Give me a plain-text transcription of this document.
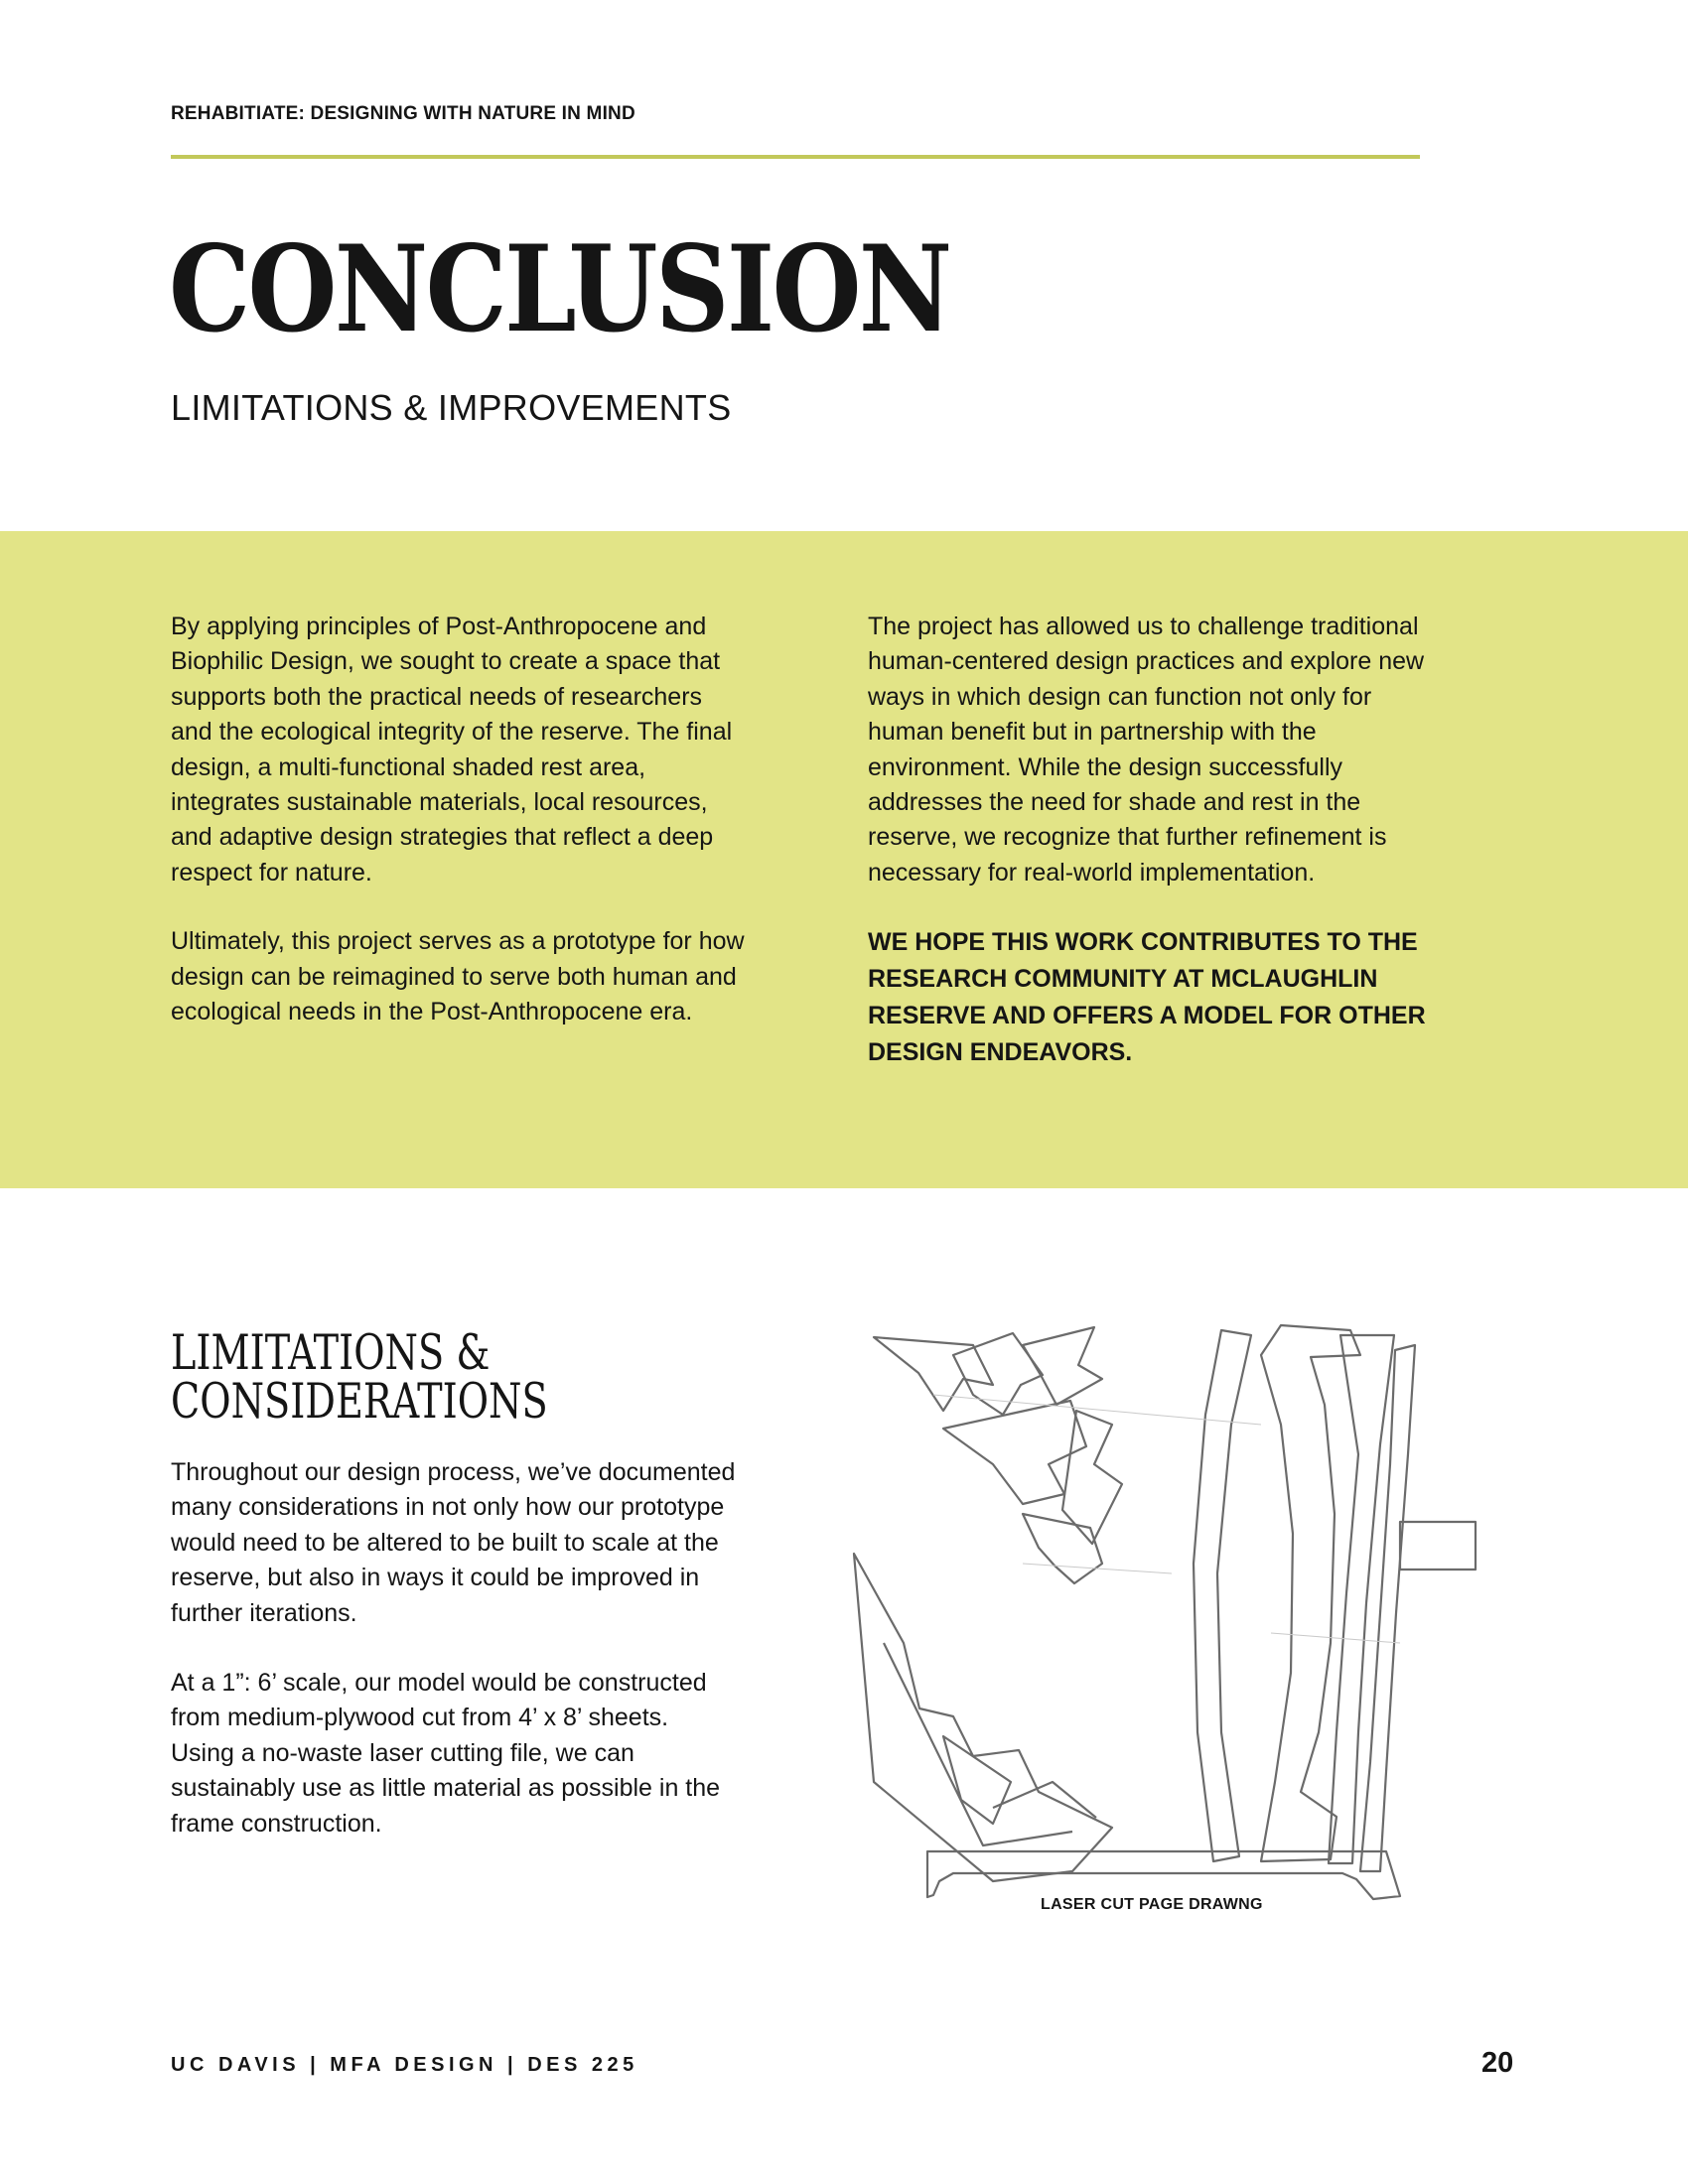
REHABITIATE: DESIGNING WITH NATURE IN MIND
CONCLUSION
LIMITATIONS & IMPROVEMENTS

By applying principles of Post-Anthropocene and Biophilic Design, we sought to create a space that supports both the practical needs of researchers and the ecological integrity of the reserve. The final design, a multi-functional shaded rest area, integrates sustainable materials, local resources, and adaptive design strategies that reflect a deep respect for nature.

Ultimately, this project serves as a prototype for how design can be reimagined to serve both human and ecological needs in the Post-Anthropocene era.

The project has allowed us to challenge traditional human-centered design practices and explore new ways in which design can function not only for human benefit but in partnership with the environment. While the design successfully addresses the need for shade and rest in the reserve, we recognize that further refinement is necessary for real-world implementation.

WE HOPE THIS WORK CONTRIBUTES TO THE RESEARCH COMMUNITY AT MCLAUGHLIN RESERVE AND OFFERS A MODEL FOR OTHER DESIGN ENDEAVORS.

LIMITATIONS &
CONSIDERATIONS

Throughout our design process, we’ve documented many considerations in not only how our prototype would need to be altered to be built to scale at the reserve, but also in ways it could be improved in further iterations.

At a 1”: 6’ scale, our model would be constructed from medium-plywood cut from 4’ x 8’ sheets. Using a no-waste laser cutting file, we can sustainably use as little material as possible in the frame construction.

LASER CUT PAGE DRAWNG
UC DAVIS | MFA DESIGN | DES 225	20
